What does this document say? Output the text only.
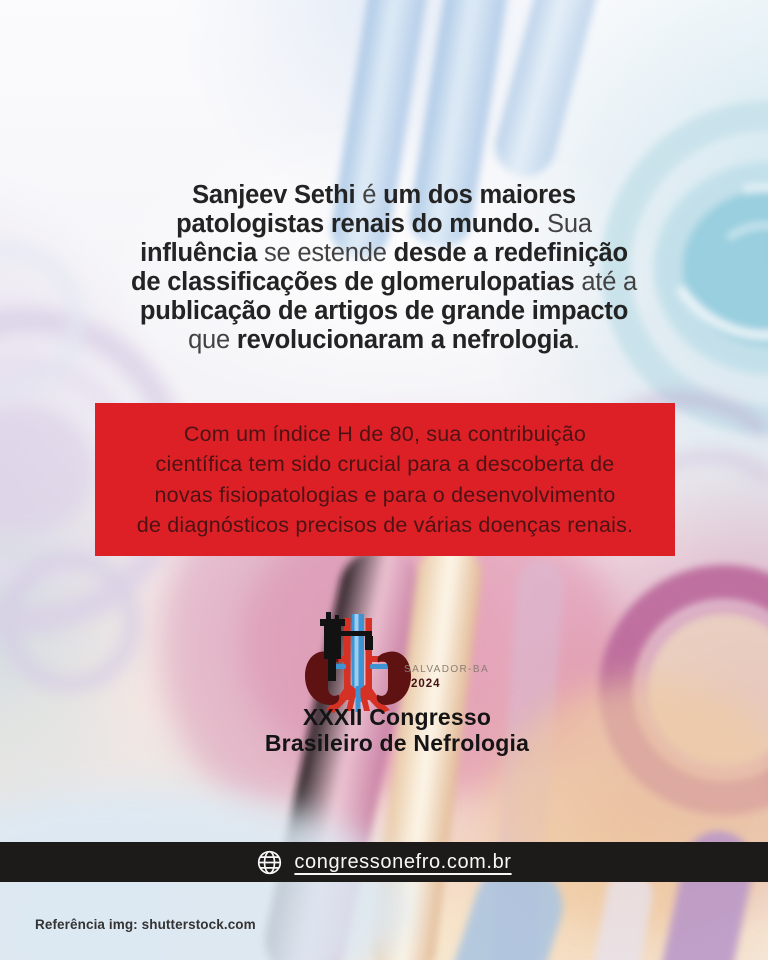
Sanjeev Sethi é um dos maiores
patologistas renais do mundo. Sua
influência se estende desde a redefinição
de classificações de glomerulopatias até a
publicação de artigos de grande impacto
que revolucionaram a nefrologia.
Com um índice H de 80, sua contribuição
científica tem sido crucial para a descoberta de
novas fisiopatologias e para o desenvolvimento
de diagnósticos precisos de várias doenças renais.
SALVADOR-BA
2024
XXXII Congresso
Brasileiro de Nefrologia
congressonefro.com.br
Referência img: shutterstock.com
